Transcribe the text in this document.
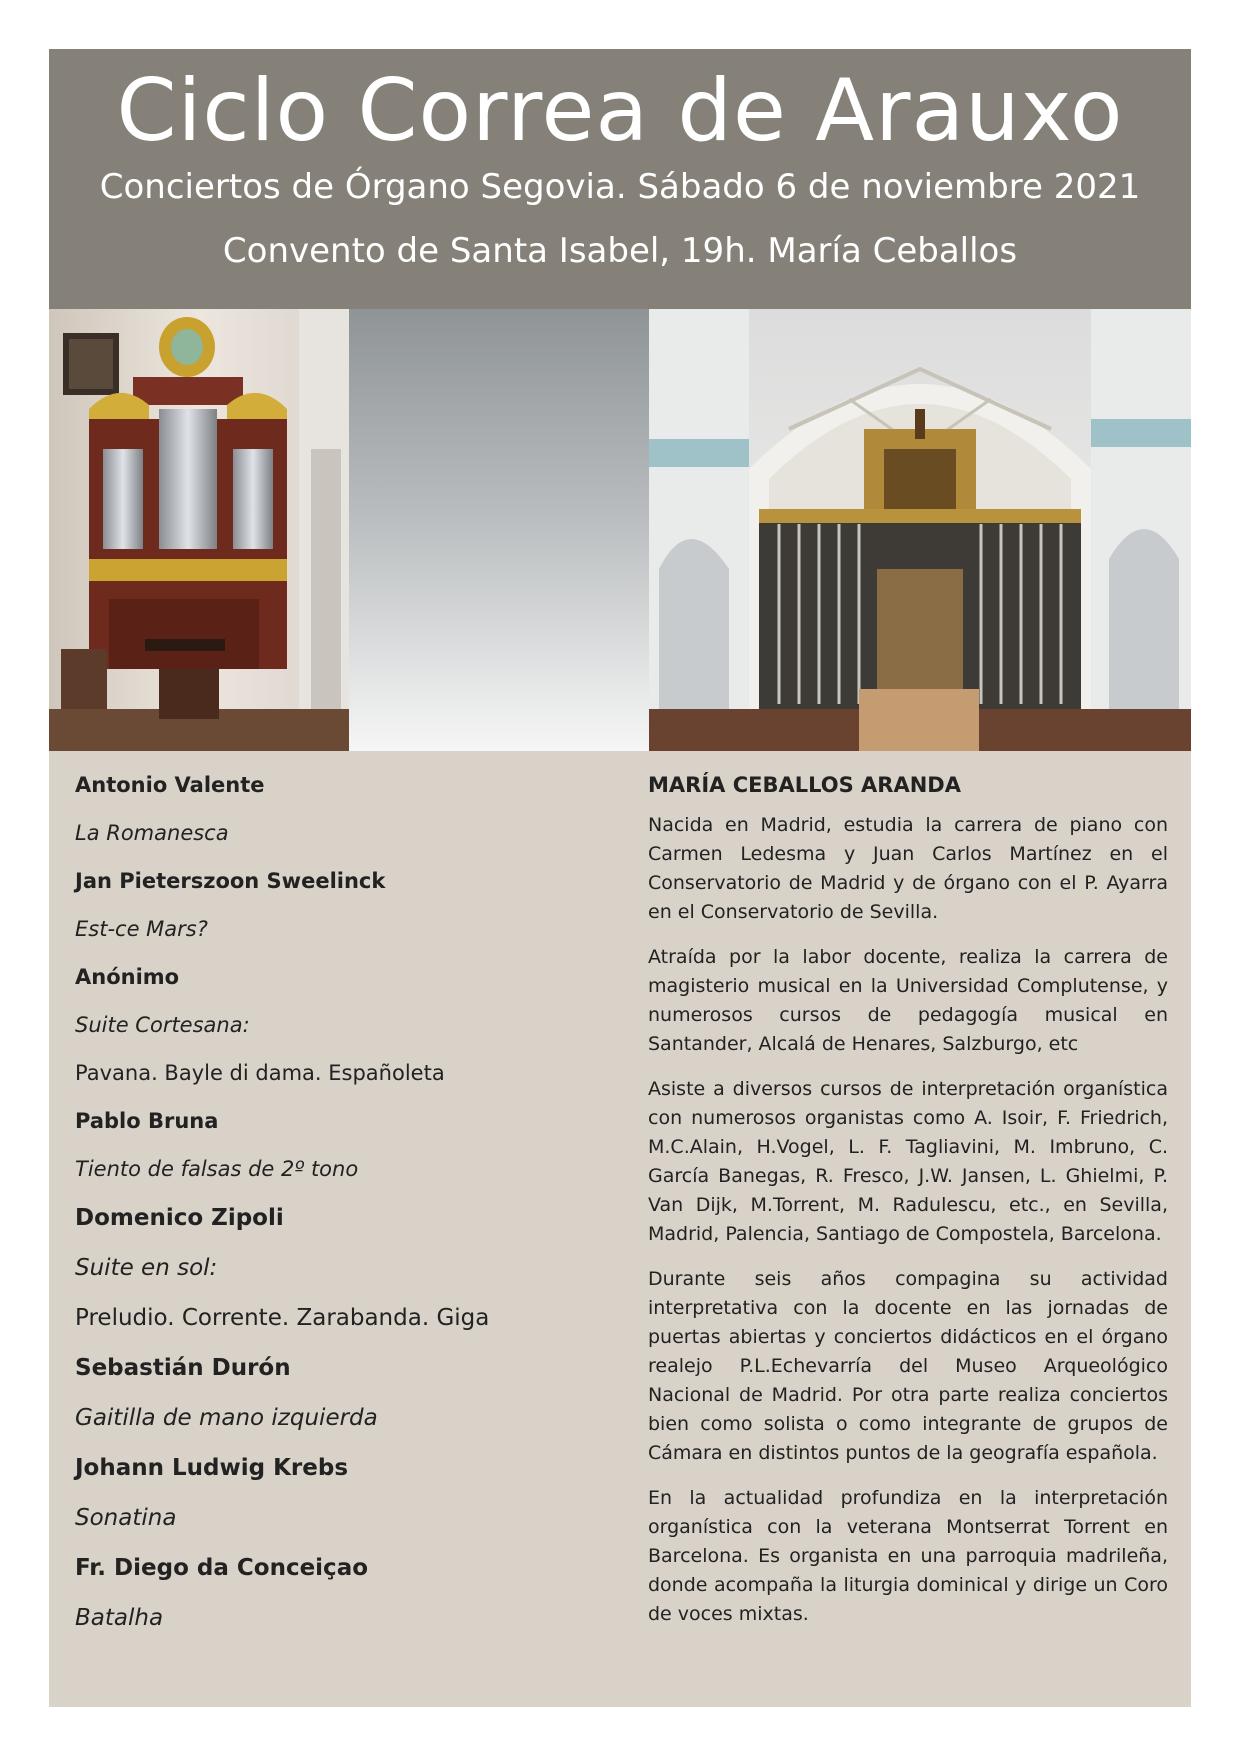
Ciclo Correa de Arauxo
Conciertos de Órgano Segovia. Sábado 6 de noviembre 2021
Convento de Santa Isabel, 19h. María Ceballos
Antonio Valente
La Romanesca
Jan Pieterszoon Sweelinck
Est-ce Mars?
Anónimo
Suite Cortesana:
Pavana. Bayle di dama. Españoleta
Pablo Bruna
Tiento de falsas de 2º tono
Domenico Zipoli
Suite en sol:
Preludio. Corrente. Zarabanda. Giga
Sebastián Durón
Gaitilla de mano izquierda
Johann Ludwig Krebs
Sonatina
Fr. Diego da Conceiçao
Batalha
MARÍA CEBALLOS ARANDA

Nacida en Madrid, estudia la carrera de piano con Carmen Ledesma y Juan Carlos Martínez en el Conservatorio de Madrid y de órgano con el P. Ayarra en el Conservatorio de Sevilla.

Atraída por la labor docente, realiza la carrera de magisterio musical en la Universidad Complutense, y numerosos cursos de pedagogía musical en Santander, Alcalá de Henares, Salzburgo, etc

Asiste a diversos cursos de interpretación organística con numerosos organistas como A. Isoir, F. Friedrich, M.C.Alain, H.Vogel, L. F. Tagliavini, M. Imbruno, C. García Banegas, R. Fresco, J.W. Jansen, L. Ghielmi, P. Van Dijk, M.Torrent, M. Radulescu, etc., en Sevilla, Madrid, Palencia, Santiago de Compostela, Barcelona.

Durante seis años compagina su actividad interpretativa con la docente en las jornadas de puertas abiertas y conciertos didácticos en el órgano realejo P.L.Echevarría del Museo Arqueológico Nacional de Madrid. Por otra parte realiza conciertos bien como solista o como integrante de grupos de Cámara en distintos puntos de la geografía española.

En la actualidad profundiza en la interpretación organística con la veterana Montserrat Torrent en Barcelona. Es organista en una parroquia madrileña, donde acompaña la liturgia dominical y dirige un Coro de voces mixtas.
